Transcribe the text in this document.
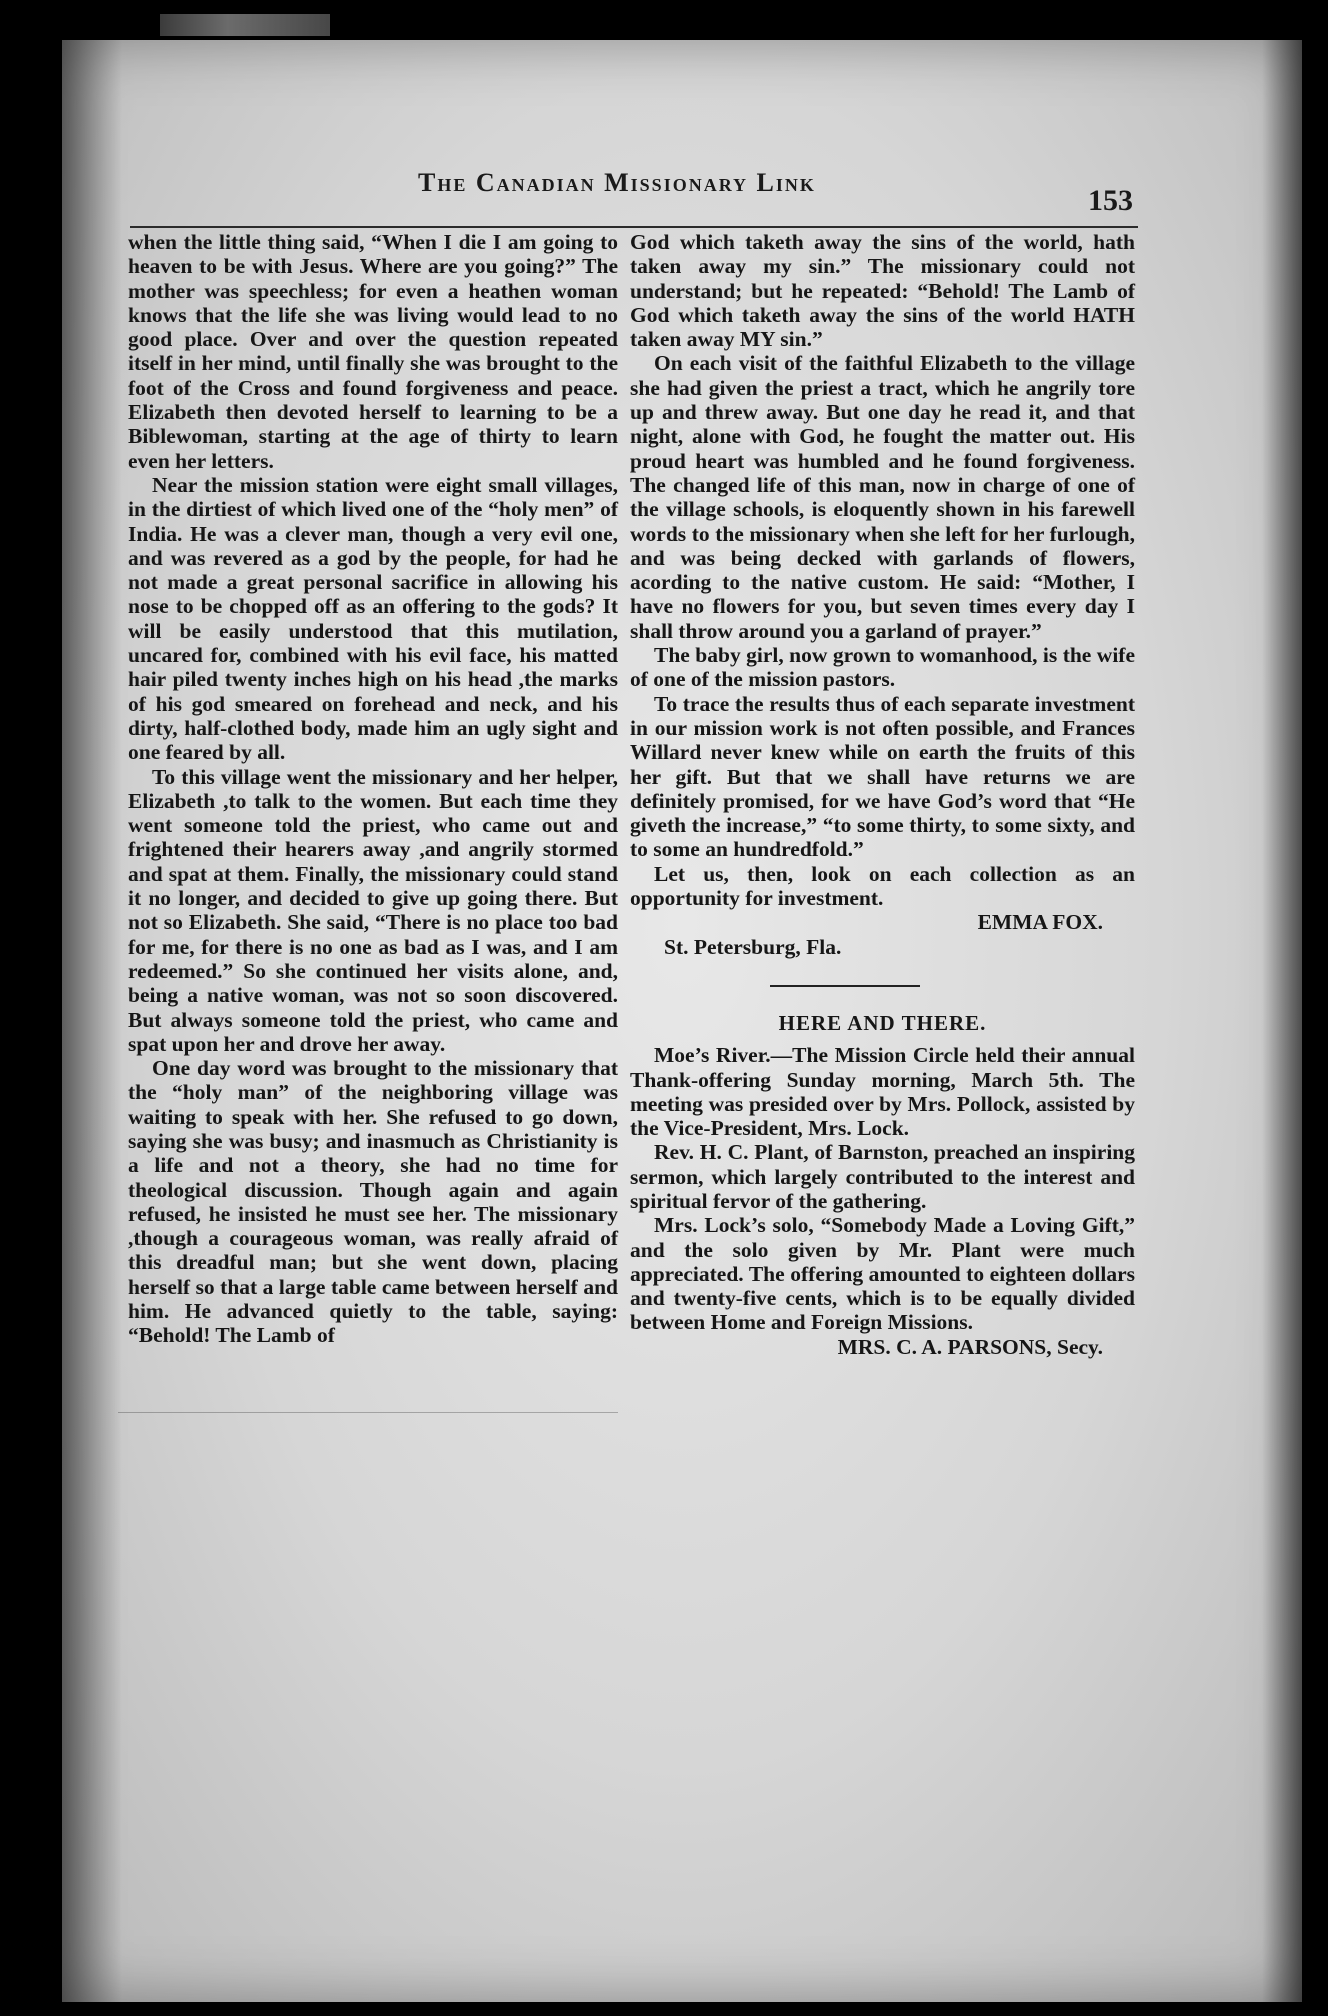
The Canadian Missionary Link
153

when the little thing said, “When I die I am going to heaven to be with Jesus. Where are you going?” The mother was speechless; for even a heathen woman knows that the life she was living would lead to no good place. Over and over the question repeated itself in her mind, until finally she was brought to the foot of the Cross and found forgiveness and peace. Elizabeth then devoted herself to learning to be a Biblewoman, starting at the age of thirty to learn even her letters.

Near the mission station were eight small villages, in the dirtiest of which lived one of the “holy men” of India. He was a clever man, though a very evil one, and was revered as a god by the people, for had he not made a great personal sacrifice in allowing his nose to be chopped off as an offering to the gods? It will be easily understood that this mutilation, uncared for, combined with his evil face, his matted hair piled twenty inches high on his head ,the marks of his god smeared on forehead and neck, and his dirty, half-clothed body, made him an ugly sight and one feared by all.

To this village went the missionary and her helper, Elizabeth ,to talk to the women. But each time they went someone told the priest, who came out and frightened their hearers away ,and angrily stormed and spat at them. Finally, the missionary could stand it no longer, and decided to give up going there. But not so Elizabeth. She said, “There is no place too bad for me, for there is no one as bad as I was, and I am redeemed.” So she continued her visits alone, and, being a native woman, was not so soon discovered. But always someone told the priest, who came and spat upon her and drove her away.

One day word was brought to the missionary that the “holy man” of the neighboring village was waiting to speak with her. She refused to go down, saying she was busy; and inasmuch as Christianity is a life and not a theory, she had no time for theological discussion. Though again and again refused, he insisted he must see her. The missionary ,though a courageous woman, was really afraid of this dreadful man; but she went down, placing herself so that a large table came between herself and him. He advanced quietly to the table, saying: “Behold! The Lamb of

God which taketh away the sins of the world, hath taken away my sin.” The missionary could not understand; but he repeated: “Behold! The Lamb of God which taketh away the sins of the world HATH taken away MY sin.”

On each visit of the faithful Elizabeth to the village she had given the priest a tract, which he angrily tore up and threw away. But one day he read it, and that night, alone with God, he fought the matter out. His proud heart was humbled and he found forgiveness. The changed life of this man, now in charge of one of the village schools, is eloquently shown in his farewell words to the missionary when she left for her furlough, and was being decked with garlands of flowers, acording to the native custom. He said: “Mother, I have no flowers for you, but seven times every day I shall throw around you a garland of prayer.”

The baby girl, now grown to womanhood, is the wife of one of the mission pastors.

To trace the results thus of each separate investment in our mission work is not often possible, and Frances Willard never knew while on earth the fruits of this her gift. But that we shall have returns we are definitely promised, for we have God’s word that “He giveth the increase,” “to some thirty, to some sixty, and to some an hundredfold.”

Let us, then, look on each collection as an opportunity for investment.

EMMA FOX.

St. Petersburg, Fla.

HERE AND THERE.

Moe’s River.—The Mission Circle held their annual Thank-offering Sunday morning, March 5th. The meeting was presided over by Mrs. Pollock, assisted by the Vice-President, Mrs. Lock.

Rev. H. C. Plant, of Barnston, preached an inspiring sermon, which largely contributed to the interest and spiritual fervor of the gathering.

Mrs. Lock’s solo, “Somebody Made a Loving Gift,” and the solo given by Mr. Plant were much appreciated. The offering amounted to eighteen dollars and twenty-five cents, which is to be equally divided between Home and Foreign Missions.

MRS. C. A. PARSONS, Secy.
